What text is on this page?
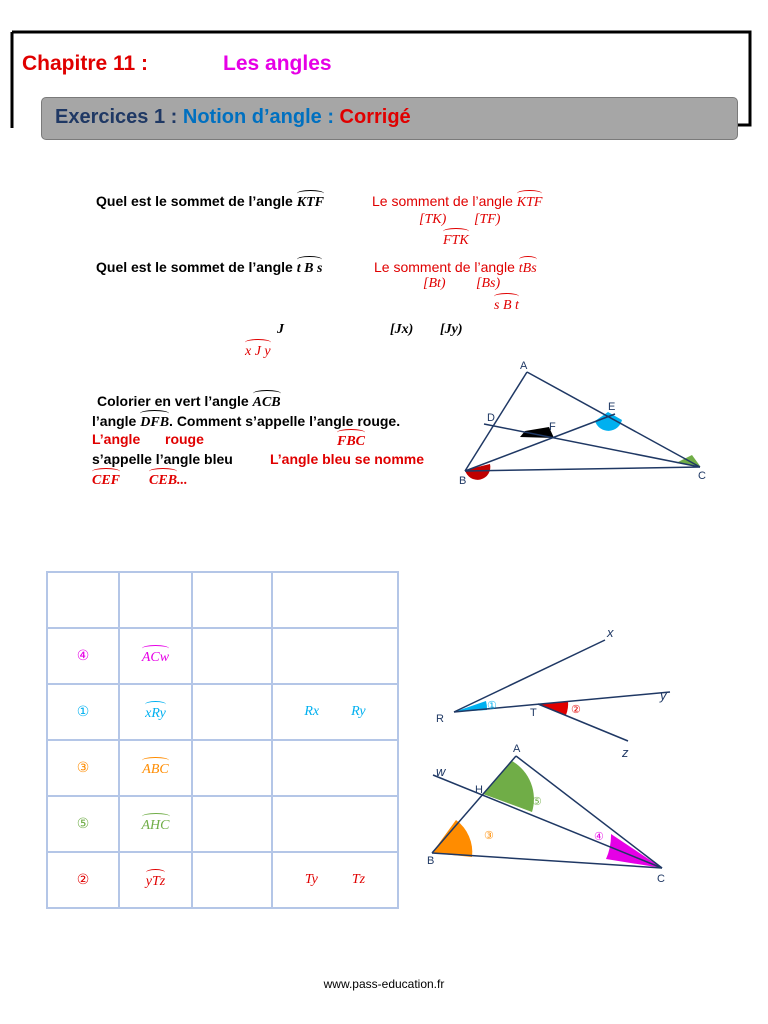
Chapitre 11 :	Les angles
Exercices 1 : Notion d’angle : Corrigé
Quel est le sommet de l’angle KTF	Le somment de l’angle KTF
[TK) [TF)
FTK
Quel est le sommet de l’angle t B s	Le somment de l’angle tBs
[Bt) [Bs)
s B t
J	[Jx) [Jy)
x J y
Colorier en vert l’angle ACB
l’angle DFB. Comment s’appelle l’angle rouge.
L’angle rouge	FBC
s’appelle l’angle bleu	L’angle bleu se nomme
CEF CEB...
A
D
E
F
B	C

④	ACw		
①	xRy		Rx Ry
③	ABC		
⑤	AHC		
②	yTz		Ty Tz
x
y
R	T
z
①	②
w
A
H
B
C
③	④
⑤
www.pass-education.fr
